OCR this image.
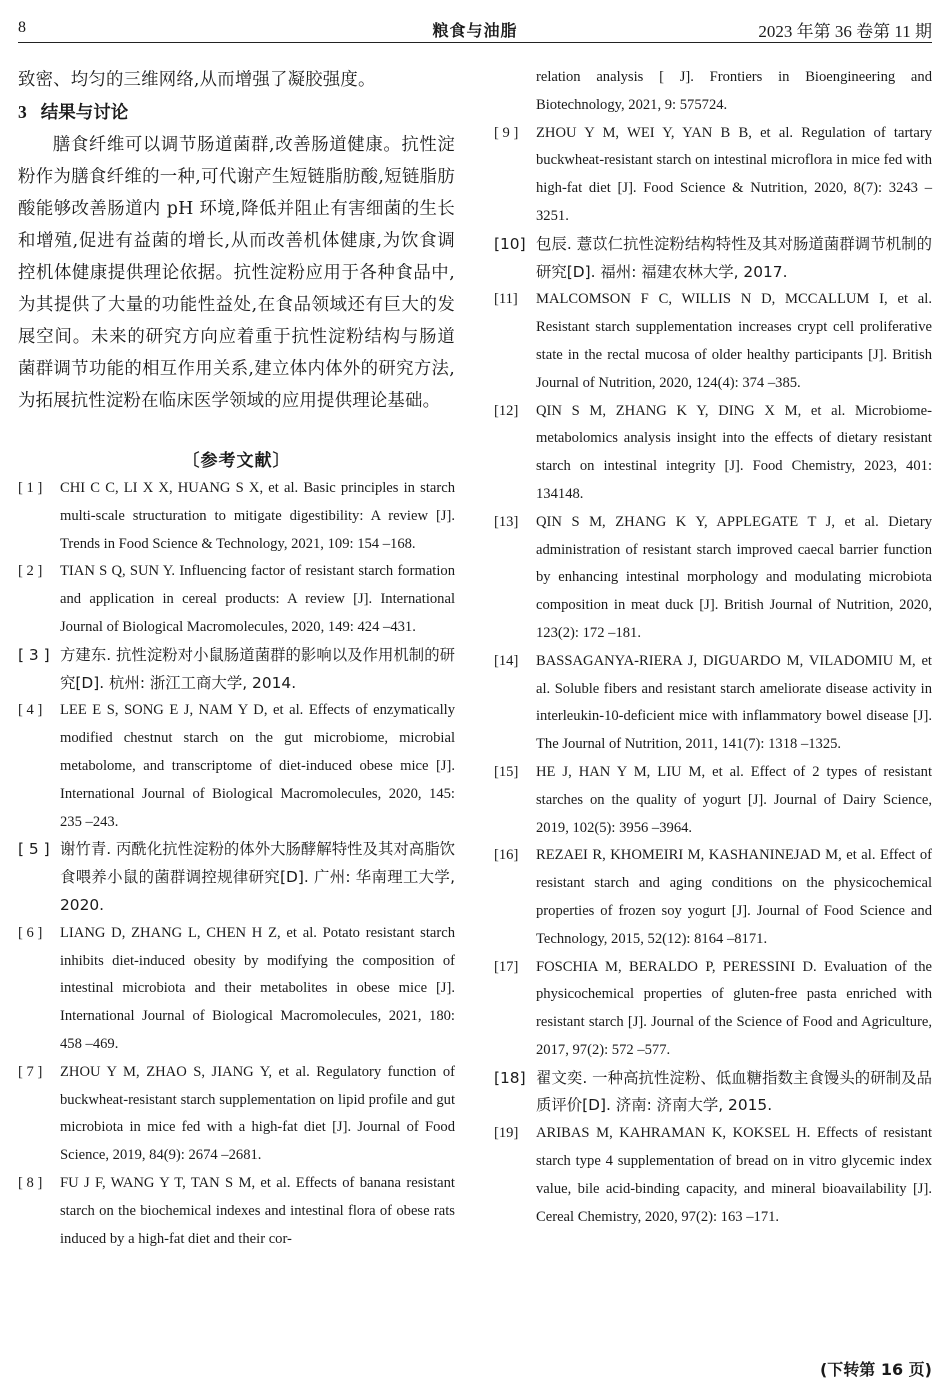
8	粮食与油脂	2023 年第 36 卷第 11 期

致密、均匀的三维网络,从而增强了凝胶强度。

3 结果与讨论

膳食纤维可以调节肠道菌群,改善肠道健康。抗性淀粉作为膳食纤维的一种,可代谢产生短链脂肪酸,短链脂肪酸能够改善肠道内 pH 环境,降低并阻止有害细菌的生长和增殖,促进有益菌的增长,从而改善机体健康,为饮食调控机体健康提供理论依据。抗性淀粉应用于各种食品中,为其提供了大量的功能性益处,在食品领域还有巨大的发展空间。未来的研究方向应着重于抗性淀粉结构与肠道菌群调节功能的相互作用关系,建立体内体外的研究方法,为拓展抗性淀粉在临床医学领域的应用提供理论基础。

〔参考文献〕

[ 1 ] CHI C C, LI X X, HUANG S X, et al. Basic principles in starch multi-scale structuration to mitigate digestibility: A review [J]. Trends in Food Science & Technology, 2021, 109: 154 –168.

[ 2 ] TIAN S Q, SUN Y. Influencing factor of resistant starch formation and application in cereal products: A review [J]. International Journal of Biological Macromolecules, 2020, 149: 424 –431.

[ 3 ] 方建东. 抗性淀粉对小鼠肠道菌群的影响以及作用机制的研究[D]. 杭州: 浙江工商大学, 2014.

[ 4 ] LEE E S, SONG E J, NAM Y D, et al. Effects of enzymatically modified chestnut starch on the gut microbiome, microbial metabolome, and transcriptome of diet-induced obese mice [J]. International Journal of Biological Macromolecules, 2020, 145: 235 –243.

[ 5 ] 谢竹青. 丙酰化抗性淀粉的体外大肠酵解特性及其对高脂饮食喂养小鼠的菌群调控规律研究[D]. 广州: 华南理工大学, 2020.

[ 6 ] LIANG D, ZHANG L, CHEN H Z, et al. Potato resistant starch inhibits diet-induced obesity by modifying the composition of intestinal microbiota and their metabolites in obese mice [J]. International Journal of Biological Macromolecules, 2021, 180: 458 –469.

[ 7 ] ZHOU Y M, ZHAO S, JIANG Y, et al. Regulatory function of buckwheat-resistant starch supplementation on lipid profile and gut microbiota in mice fed with a high-fat diet [J]. Journal of Food Science, 2019, 84(9): 2674 –2681.

[ 8 ] FU J F, WANG Y T, TAN S M, et al. Effects of banana resistant starch on the biochemical indexes and intestinal flora of obese rats induced by a high-fat diet and their cor-

relation analysis [ J]. Frontiers in Bioengineering and Biotechnology, 2021, 9: 575724.

[ 9 ] ZHOU Y M, WEI Y, YAN B B, et al. Regulation of tartary buckwheat-resistant starch on intestinal microflora in mice fed with high-fat diet [J]. Food Science & Nutrition, 2020, 8(7): 3243 –3251.

[10] 包辰. 薏苡仁抗性淀粉结构特性及其对肠道菌群调节机制的研究[D]. 福州: 福建农林大学, 2017.

[11] MALCOMSON F C, WILLIS N D, MCCALLUM I, et al. Resistant starch supplementation increases crypt cell proliferative state in the rectal mucosa of older healthy participants [J]. British Journal of Nutrition, 2020, 124(4): 374 –385.

[12] QIN S M, ZHANG K Y, DING X M, et al. Microbiome-metabolomics analysis insight into the effects of dietary resistant starch on intestinal integrity [J]. Food Chemistry, 2023, 401: 134148.

[13] QIN S M, ZHANG K Y, APPLEGATE T J, et al. Dietary administration of resistant starch improved caecal barrier function by enhancing intestinal morphology and modulating microbiota composition in meat duck [J]. British Journal of Nutrition, 2020, 123(2): 172 –181.

[14] BASSAGANYA-RIERA J, DIGUARDO M, VILADOMIU M, et al. Soluble fibers and resistant starch ameliorate disease activity in interleukin-10-deficient mice with inflammatory bowel disease [J]. The Journal of Nutrition, 2011, 141(7): 1318 –1325.

[15] HE J, HAN Y M, LIU M, et al. Effect of 2 types of resistant starches on the quality of yogurt [J]. Journal of Dairy Science, 2019, 102(5): 3956 –3964.

[16] REZAEI R, KHOMEIRI M, KASHANINEJAD M, et al. Effect of resistant starch and aging conditions on the physicochemical properties of frozen soy yogurt [J]. Journal of Food Science and Technology, 2015, 52(12): 8164 –8171.

[17] FOSCHIA M, BERALDO P, PERESSINI D. Evaluation of the physicochemical properties of gluten-free pasta enriched with resistant starch [J]. Journal of the Science of Food and Agriculture, 2017, 97(2): 572 –577.

[18] 翟文奕. 一种高抗性淀粉、低血糖指数主食馒头的研制及品质评价[D]. 济南: 济南大学, 2015.

[19] ARIBAS M, KAHRAMAN K, KOKSEL H. Effects of resistant starch type 4 supplementation of bread on in vitro glycemic index value, bile acid-binding capacity, and mineral bioavailability [J]. Cereal Chemistry, 2020, 97(2): 163 –171.

(下转第 16 页)
